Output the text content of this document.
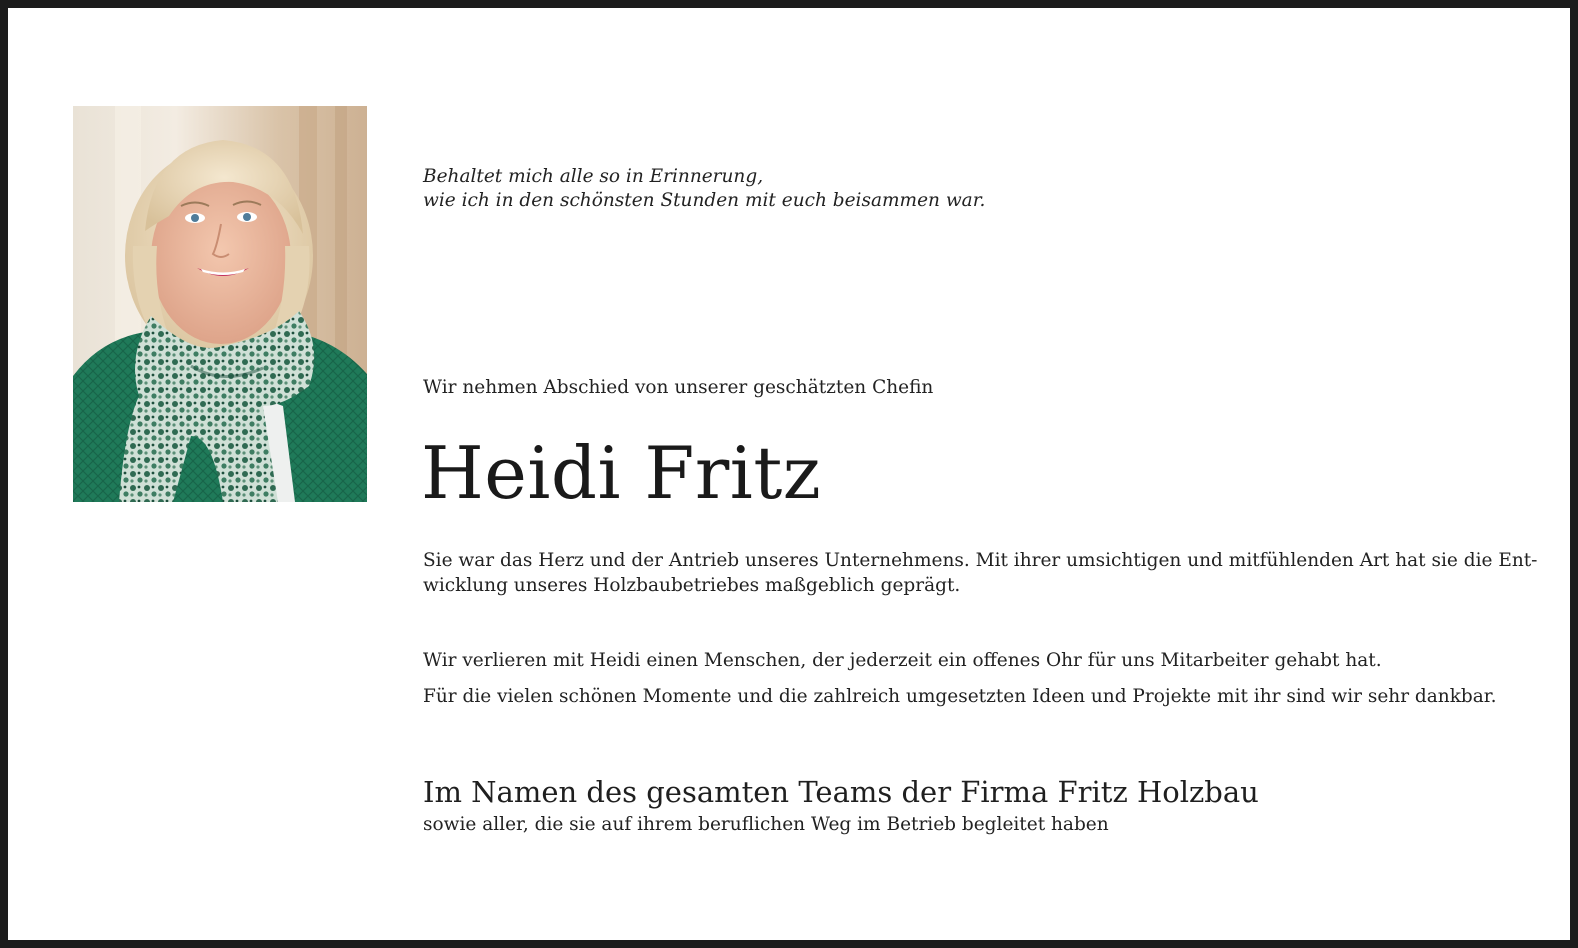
Behaltet mich alle so in Erinnerung,
wie ich in den schönsten Stunden mit euch beisammen war.
Wir nehmen Abschied von unserer geschätzten Chefin
Heidi Fritz
Sie war das Herz und der Antrieb unseres Unternehmens. Mit ihrer umsichtigen und mitfühlenden Art hat sie die Ent-
wicklung unseres Holzbaubetriebes maßgeblich geprägt.
Wir verlieren mit Heidi einen Menschen, der jederzeit ein offenes Ohr für uns Mitarbeiter gehabt hat.
Für die vielen schönen Momente und die zahlreich umgesetzten Ideen und Projekte mit ihr sind wir sehr dankbar.
Im Namen des gesamten Teams der Firma Fritz Holzbau
sowie aller, die sie auf ihrem beruflichen Weg im Betrieb begleitet haben
